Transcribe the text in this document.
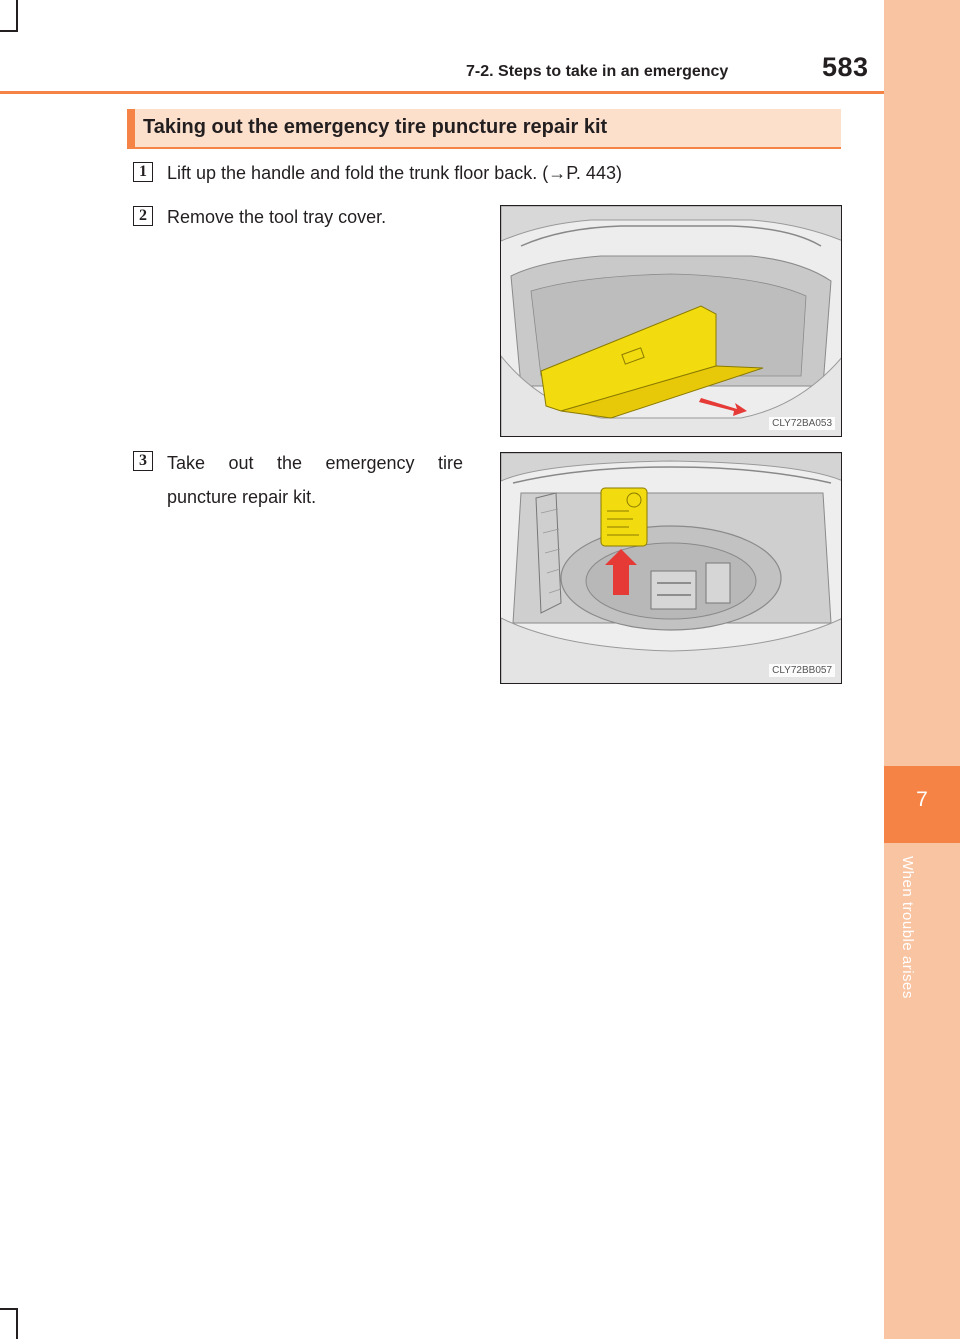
7
When trouble arises
7-2. Steps to take in an emergency	583
Taking out the emergency tire puncture repair kit
1	Lift up the handle and fold the trunk floor back. (→P. 443)
2	Remove the tool tray cover.
3	Take out the emergency tire puncture repair kit.
CLY72BA053
CLY72BB057
